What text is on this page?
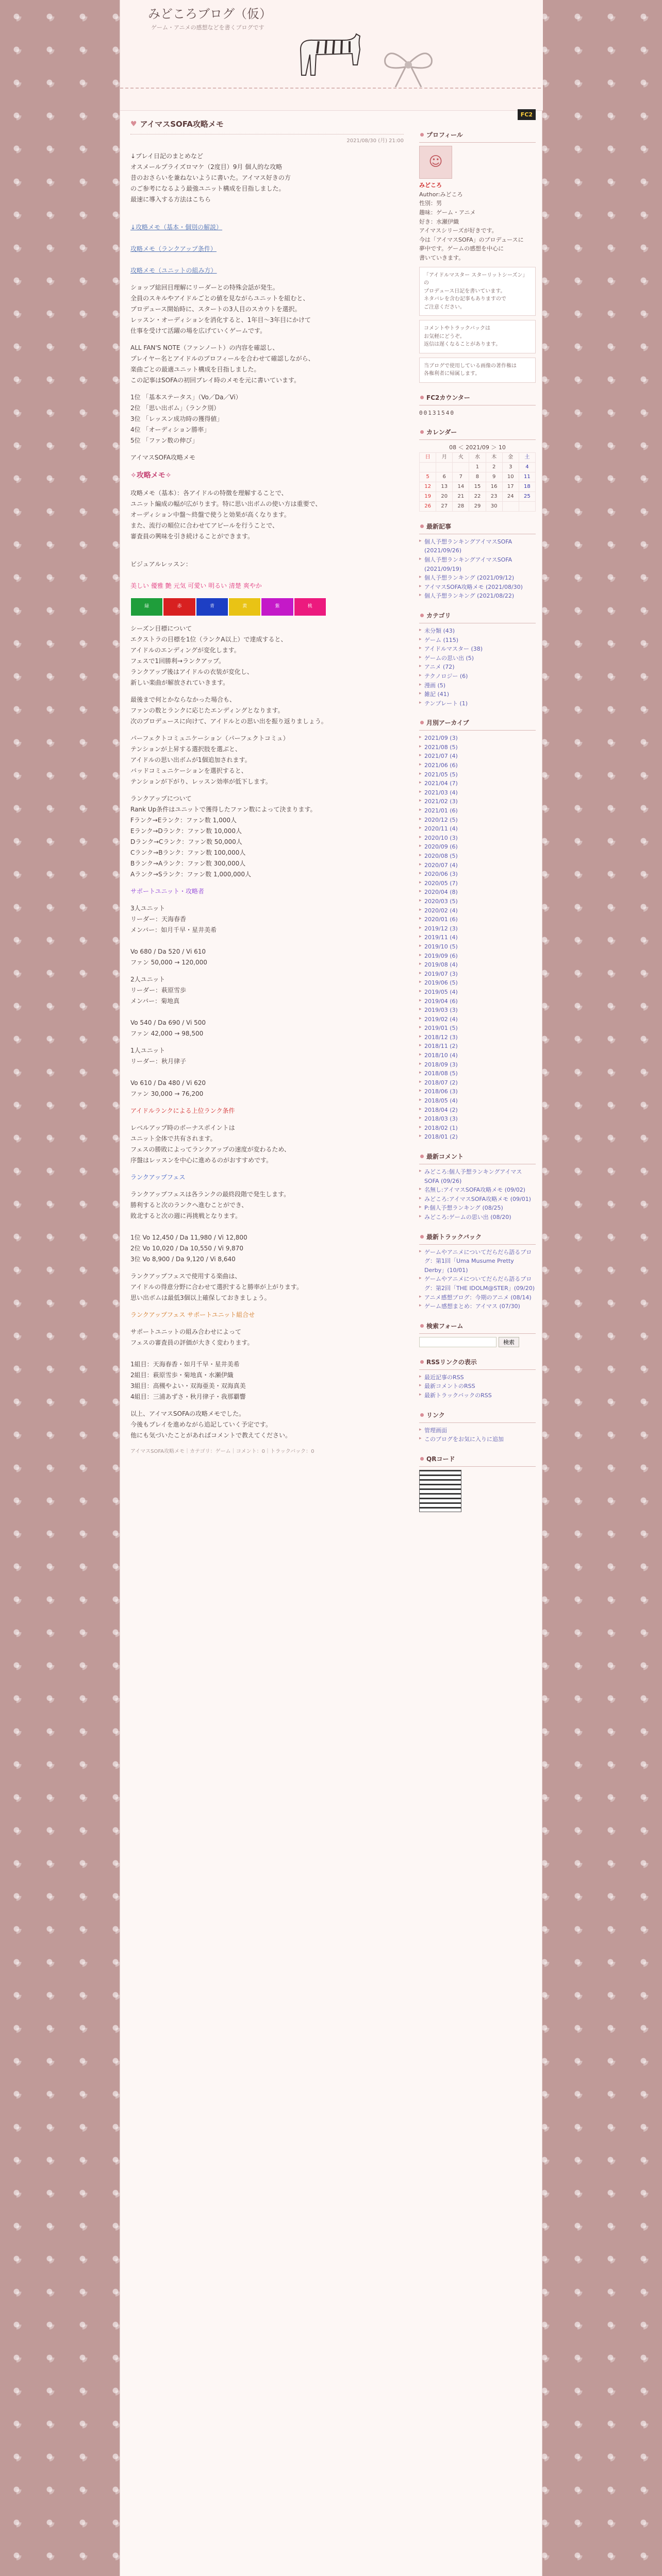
みどころブログ（仮）
ゲーム・アニメの感想などを書くブログです
♥ アイマスSOFA攻略メモ
2021/08/30 (月) 21:00

↓プレイ日記のまとめなど
オスメールプライズロマケ（2度目）9月 個人的な攻略
昔のおさらいを兼ねないように書いた。アイマス好きの方
のご参考になるよう最強ユニット構成を目指しました。
最速に導入する方法はこちら

↓攻略メモ（基本・個別の解説）

攻略メモ（ランクアップ条件）

攻略メモ（ユニットの組み方）

ショップ総回目理解にリーダーとの特殊会話が発生。
全員のスキルやアイドルごとの値を見ながらユニットを組むと、
プロデュース開始時に、スタートの3人目のスカウトを選択。
レッスン・オーディションを消化すると、1年目〜3年目にかけて
仕事を受けて活躍の場を広げていくゲームです。

ALL FAN'S NOTE（ファンノート）の内容を確認し、
プレイヤー名とアイドルのプロフィールを合わせて確認しながら、
楽曲ごとの最適ユニット構成を目指しました。
この記事はSOFAの初回プレイ時のメモを元に書いています。

1位 「基本ステータス」（Vo／Da／Vi）
2位 「思い出ボム」（ランク別）
3位 「レッスン成功時の獲得値」
4位 「オーディション勝率」
5位 「ファン数の伸び」

アイマスSOFA攻略メモ

✧攻略メモ✧

攻略メモ（基本）：各アイドルの特徴を理解することで、
ユニット編成の幅が広がります。特に思い出ボムの使い方は重要で、
オーディション中盤〜終盤で使うと効果が高くなります。
また、流行の順位に合わせてアピールを行うことで、
審査員の興味を引き続けることができます。

ビジュアルレッスン：

美しい 優雅 艶 元気 可愛い 明るい 清楚 爽やか

緑	赤	青	黄	紫	桃

シーズン目標について
エクストラの目標を1位（ランクA以上）で達成すると、
アイドルのエンディングが変化します。
フェスで1回勝利→ランクアップ。
ランクアップ後はアイドルの衣装が変化し、
新しい楽曲が解放されていきます。

最後まで何とかならなかった場合も、
ファンの数とランクに応じたエンディングとなります。
次のプロデュースに向けて、アイドルとの思い出を振り返りましょう。

パーフェクトコミュニケーション（パーフェクトコミュ）
テンションが上昇する選択肢を選ぶと、
アイドルの思い出ボムが1個追加されます。
バッドコミュニケーションを選択すると、
テンションが下がり、レッスン効率が低下します。

ランクアップについて
Rank Up条件はユニットで獲得したファン数によって決まります。
Fランク→Eランク：ファン数 1,000人
Eランク→Dランク：ファン数 10,000人
Dランク→Cランク：ファン数 50,000人
Cランク→Bランク：ファン数 100,000人
Bランク→Aランク：ファン数 300,000人
Aランク→Sランク：ファン数 1,000,000人

サポートユニット・攻略者

3人ユニット
リーダー：天海春香
メンバー：如月千早・星井美希

Vo 680 / Da 520 / Vi 610
ファン 50,000 → 120,000

2人ユニット
リーダー：萩原雪歩
メンバー：菊地真

Vo 540 / Da 690 / Vi 500
ファン 42,000 → 98,500

1人ユニット
リーダー：秋月律子

Vo 610 / Da 480 / Vi 620
ファン 30,000 → 76,200

アイドルランクによる上位ランク条件

レベルアップ時のボーナスポイントは
ユニット全体で共有されます。
フェスの勝敗によってランクアップの速度が変わるため、
序盤はレッスンを中心に進めるのがおすすめです。

ランクアップフェス

ランクアップフェスは各ランクの最終段階で発生します。
勝利すると次のランクへ進むことができ、
敗北すると次の週に再挑戦となります。

1位 Vo 12,450 / Da 11,980 / Vi 12,800
2位 Vo 10,020 / Da 10,550 / Vi 9,870
3位 Vo 8,900 / Da 9,120 / Vi 8,640

ランクアップフェスで使用する楽曲は、
アイドルの得意分野に合わせて選択すると勝率が上がります。
思い出ボムは最低3個以上確保しておきましょう。

ランクアップフェス サポートユニット組合せ

サポートユニットの組み合わせによって
フェスの審査員の評価が大きく変わります。

1組目：天海春香・如月千早・星井美希
2組目：萩原雪歩・菊地真・水瀬伊織
3組目：高槻やよい・双海亜美・双海真美
4組目：三浦あずさ・秋月律子・我那覇響

以上、アイマスSOFAの攻略メモでした。
今後もプレイを進めながら追記していく予定です。
他にも気づいたことがあればコメントで教えてください。

アイマスSOFA攻略メモ｜カテゴリ：ゲーム｜コメント：0｜トラックバック：0

FC2
プロフィール
☺
みどころ
Author:みどころ
性別：男
趣味：ゲーム・アニメ
好き：水瀬伊織
アイマスシリーズが好きです。
今は「アイマスSOFA」のプロデュースに
夢中です。ゲームの感想を中心に
書いていきます。
「アイドルマスター スターリットシーズン」の
プロデュース日記を書いています。
ネタバレを含む記事もありますので
ご注意ください。
コメントやトラックバックは
お気軽にどうぞ。
返信は遅くなることがあります。
当ブログで使用している画像の著作権は
各権利者に帰属します。
FC2カウンター
00131540
カレンダー
08 ＜ 2021/09 ＞ 10
日	月	火	水	木	金	土
			1	2	3	4
5	6	7	8	9	10	11
12	13	14	15	16	17	18
19	20	21	22	23	24	25
26	27	28	29	30		
最新記事
▸ 個人予想ランキングアイマスSOFA (2021/09/26)
▸ 個人予想ランキングアイマスSOFA (2021/09/19)
▸ 個人予想ランキング (2021/09/12)
▸ アイマスSOFA攻略メモ (2021/08/30)
▸ 個人予想ランキング (2021/08/22)
カテゴリ
▸ 未分類 (43)
▸ ゲーム (115)
▸ アイドルマスター (38)
▸ ゲームの思い出 (5)
▸ アニメ (72)
▸ テクノロジー (6)
▸ 漫画 (5)
▸ 雑記 (41)
▸ テンプレート (1)
月別アーカイブ
▸ 2021/09 (3)
▸ 2021/08 (5)
▸ 2021/07 (4)
▸ 2021/06 (6)
▸ 2021/05 (5)
▸ 2021/04 (7)
▸ 2021/03 (4)
▸ 2021/02 (3)
▸ 2021/01 (6)
▸ 2020/12 (5)
▸ 2020/11 (4)
▸ 2020/10 (3)
▸ 2020/09 (6)
▸ 2020/08 (5)
▸ 2020/07 (4)
▸ 2020/06 (3)
▸ 2020/05 (7)
▸ 2020/04 (8)
▸ 2020/03 (5)
▸ 2020/02 (4)
▸ 2020/01 (6)
▸ 2019/12 (3)
▸ 2019/11 (4)
▸ 2019/10 (5)
▸ 2019/09 (6)
▸ 2019/08 (4)
▸ 2019/07 (3)
▸ 2019/06 (5)
▸ 2019/05 (4)
▸ 2019/04 (6)
▸ 2019/03 (3)
▸ 2019/02 (4)
▸ 2019/01 (5)
▸ 2018/12 (3)
▸ 2018/11 (2)
▸ 2018/10 (4)
▸ 2018/09 (3)
▸ 2018/08 (5)
▸ 2018/07 (2)
▸ 2018/06 (3)
▸ 2018/05 (4)
▸ 2018/04 (2)
▸ 2018/03 (3)
▸ 2018/02 (1)
▸ 2018/01 (2)
最新コメント
▸ みどころ:個人予想ランキングアイマスSOFA (09/26)
▸ 名無し:アイマスSOFA攻略メモ (09/02)
▸ みどころ:アイマスSOFA攻略メモ (09/01)
▸ P:個人予想ランキング (08/25)
▸ みどころ:ゲームの思い出 (08/20)
最新トラックバック
▸ ゲームやアニメについてだらだら語るブログ：第1回「Uma Musume Pretty Derby」(10/01)
▸ ゲームやアニメについてだらだら語るブログ：第2回「THE IDOLM@STER」(09/20)
▸ アニメ感想ブログ：今期のアニメ (08/14)
▸ ゲーム感想まとめ：アイマス (07/30)
検索フォーム
検索
RSSリンクの表示
▸ 最近記事のRSS
▸ 最新コメントのRSS
▸ 最新トラックバックのRSS
リンク
▸ 管理画面
▸ このブログをお気に入りに追加
QRコード
